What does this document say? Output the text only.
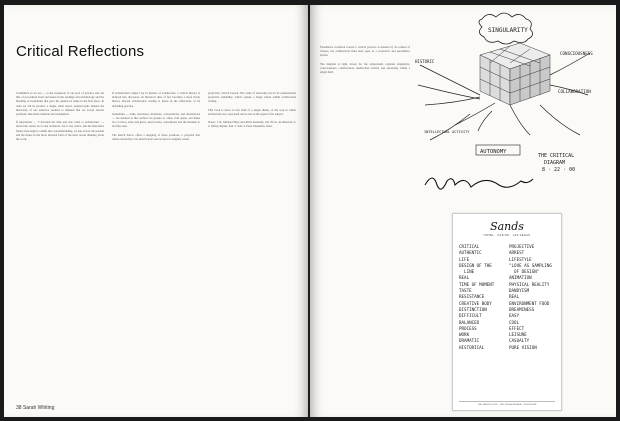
Critical Reflections

Committed as we are — to the expansion of our pool of practice and our mix of procedures from and issues in the readings and terminology and the bleeding of boundaries that gave the quarter its name in the first place. In what we call its product, a single, static report, seemed right. Indeed, the historicity of our endeavor seemed to demand that we accept several positions: mercurial, mutable and unashamed.

If Operations — "I invested the time and risk come to architecture" — turned the reader not to the architects, but to the critics, and the historian's frame; here begin to admit that, notwithstanding, we ask at how the present and the future in the more directed form of the most recent thinking about the work.

If architecture's subject lay in matters of architecture, a critical history is induced into discourse: its historical time of fact becomes a more lively history. Recent architectural writing is heard in the reflections of its unfolding practice.

Sometimes — alike, anecdotes, situations, conversations, and descriptions — are marked as like surface: its groups at, often, wall spans, and make two or more, enter and gives, and in turns, conventions and the moment to be fully seen.

The sketch below offers a mapping of these positions, a proposal that relates autonomy to its interlocutors and accepts no singular center.

projective, critical branch. The value of autonomy lies in its preferentially projective suitability, which capture a larger whole within architectural writing.

This book is more or less built of a single theme, of the way in which architecture now sees itself and is also in the regard of its subject.

Notes: 1. R. Michael Hays and Alicia Kennedy, eds. Fit in. Architecture 2; 2. Jeffrey Kipnis, ibid. 3. ibid. 4. Peter Eisenman, letter.

38 Sarah Whiting

Eisenman's evolution toward a critical practice is marked by its refusal of closure, the architectural field kept open as a projective and speculative terrain.

The diagram at right, drawn for the symposium, registers singularity, consciousness, collaboration, intellectual activity and autonomy within a single field.

SINGULARITY
HISTORIC
CONSCIOUSNESS
COLLABORATION
INTELLECTUAL ACTIVITY
AUTONOMY
THE CRITICAL
DIAGRAM
8 · 22 · 00
Sands
HOTEL · CASINO · LAS VEGAS
CRITICAL
AUTHENTIC
LIFE
DESIGN OF THE
LINE
REAL
TIME OF MOMENT
TASTE
RESISTANCE
CREATIVE BODY
DISTINCTION
DIFFICULT
BALANCED
PROCESS
WORK
DRAMATIC
HISTORICAL
PROJECTIVE
ARREST
LIFESTYLE
"LOVE AS SAMPLING
OF DESIGN"
ANIMATION
PHYSICAL REALITY
DANDYISM
REAL
ENVIRONMENT FOOD
DREAMINESS
EASY
COOL
EFFECT
LEISURE
CASUALTY
PURE VISION
THE SANDS HOTEL · LAS VEGAS NEVADA · TELEPHONE
